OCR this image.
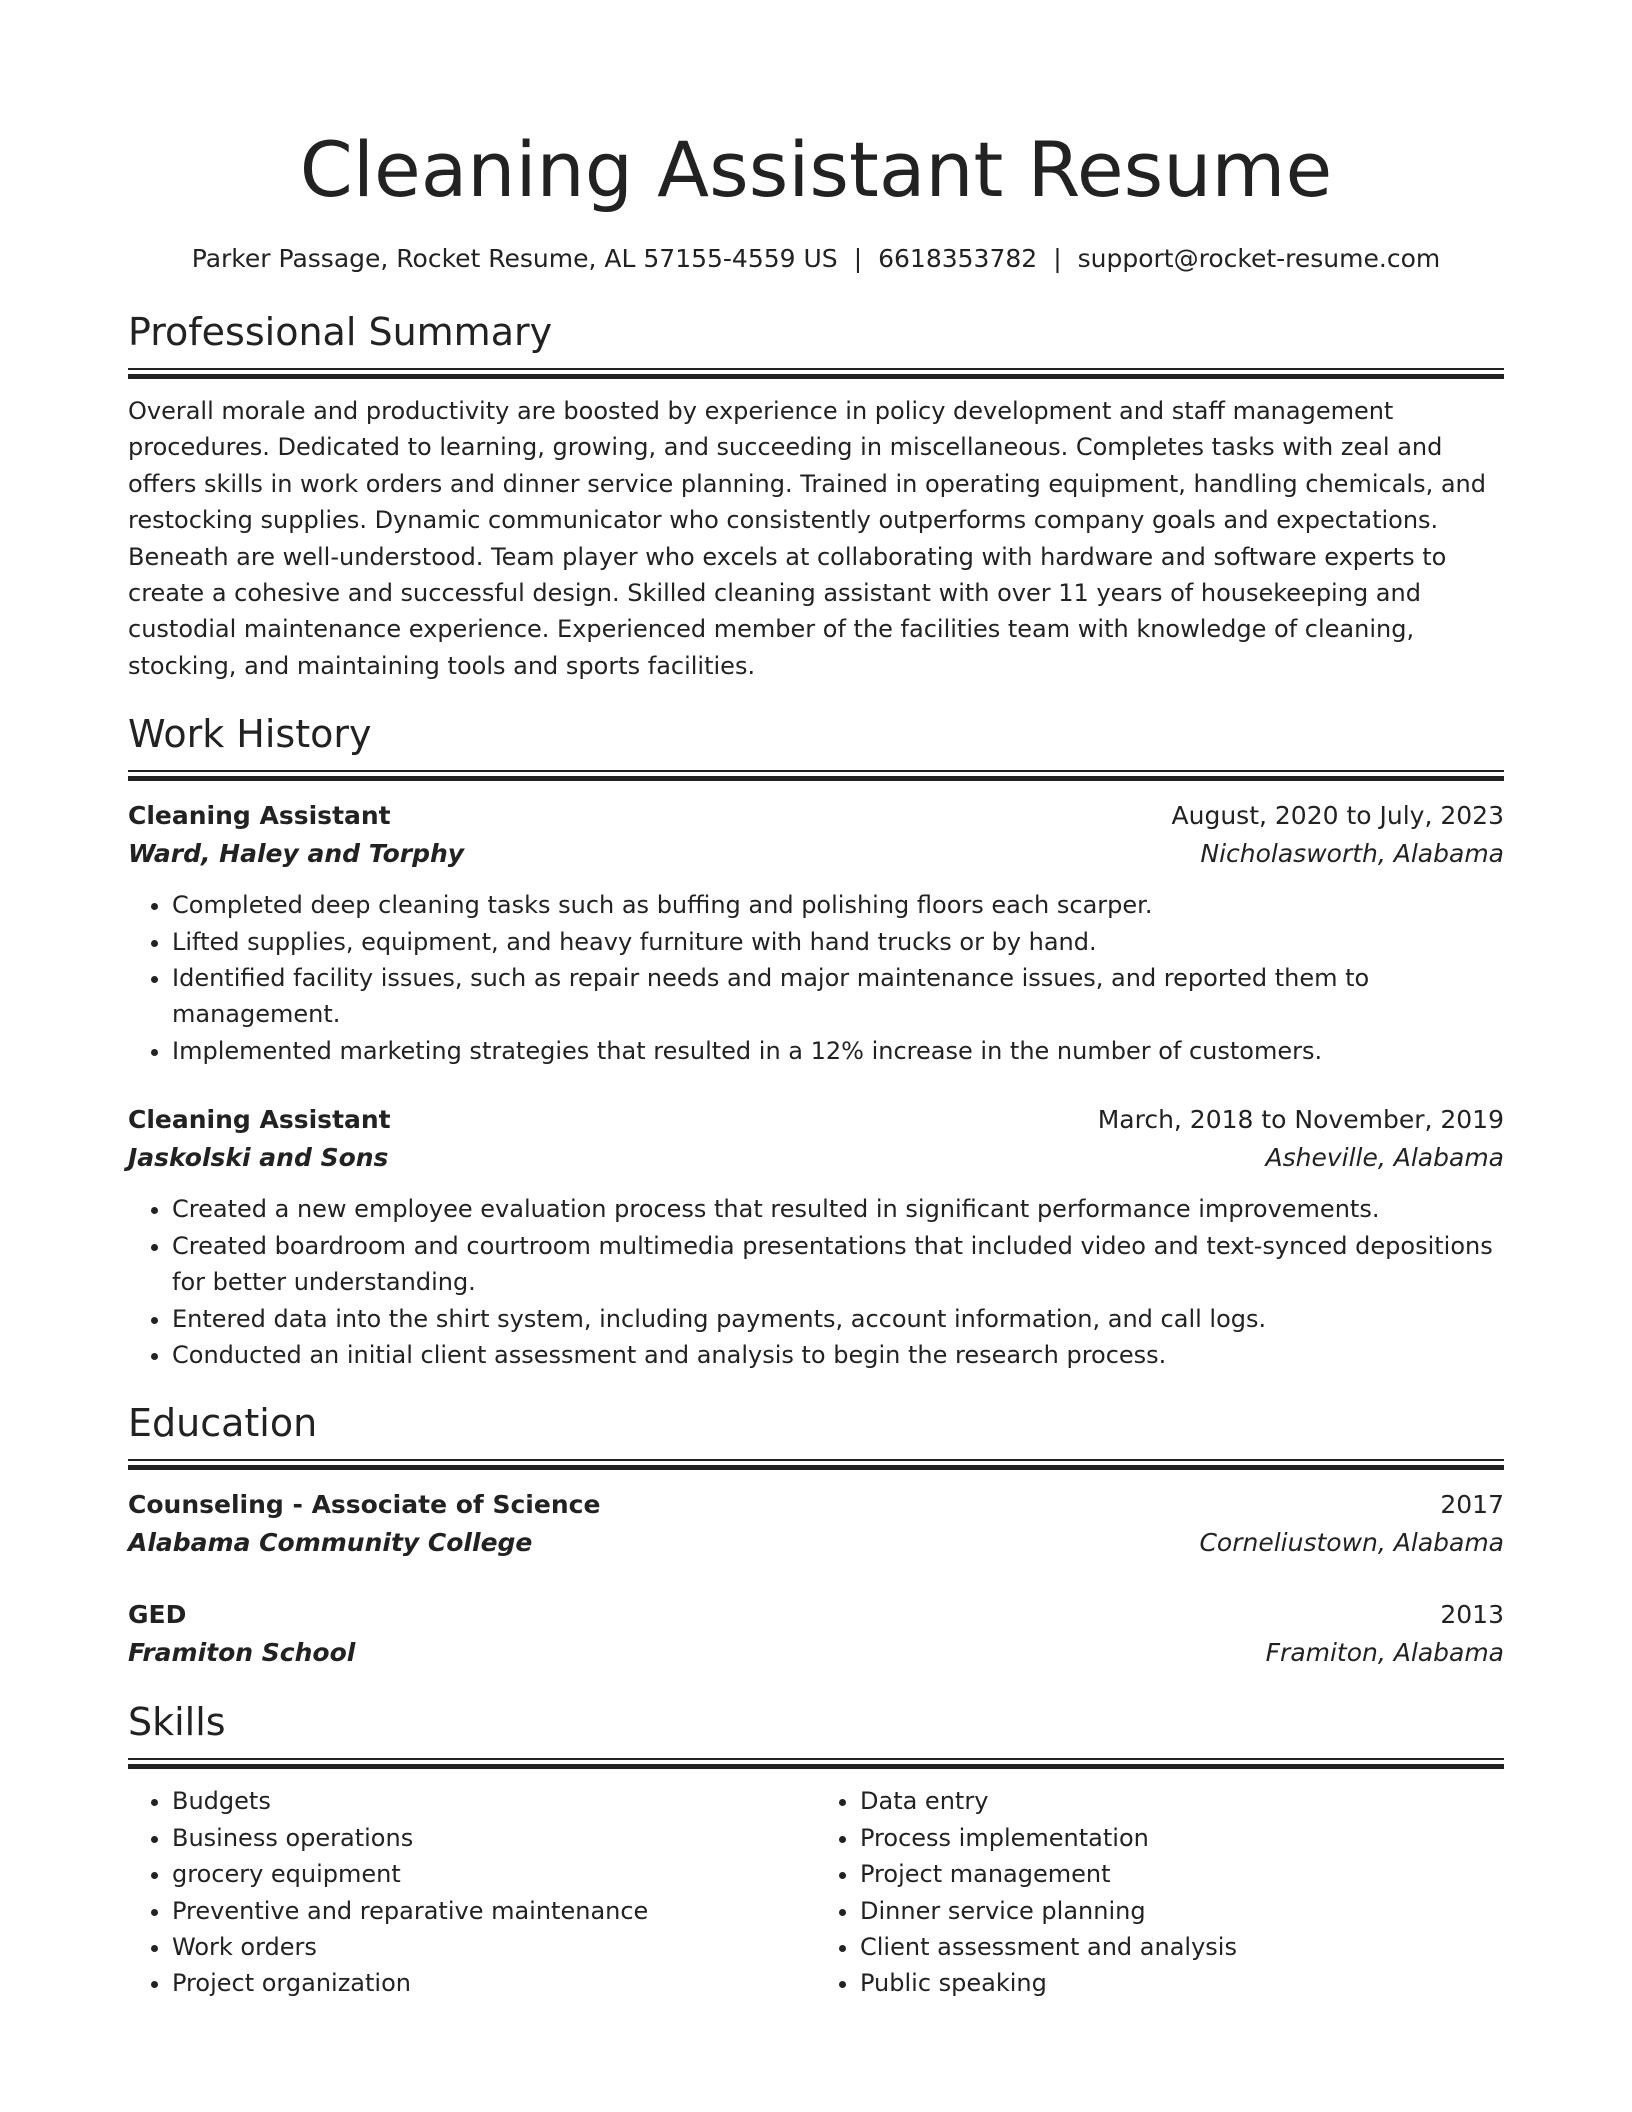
Cleaning Assistant Resume
Parker Passage, Rocket Resume, AL 57155-4559 US | 6618353782 | support@rocket-resume.com
Professional Summary
Overall morale and productivity are boosted by experience in policy development and staff management procedures. Dedicated to learning, growing, and succeeding in miscellaneous. Completes tasks with zeal and offers skills in work orders and dinner service planning. Trained in operating equipment, handling chemicals, and restocking supplies. Dynamic communicator who consistently outperforms company goals and expectations. Beneath are well-understood. Team player who excels at collaborating with hardware and software experts to create a cohesive and successful design. Skilled cleaning assistant with over 11 years of housekeeping and custodial maintenance experience. Experienced member of the facilities team with knowledge of cleaning, stocking, and maintaining tools and sports facilities.
Work History
Cleaning Assistant	August, 2020 to July, 2023
Ward, Haley and Torphy	Nicholasworth, Alabama
• Completed deep cleaning tasks such as buffing and polishing floors each scarper.
• Lifted supplies, equipment, and heavy furniture with hand trucks or by hand.
• Identified facility issues, such as repair needs and major maintenance issues, and reported them to management.
• Implemented marketing strategies that resulted in a 12% increase in the number of customers.
Cleaning Assistant	March, 2018 to November, 2019
Jaskolski and Sons	Asheville, Alabama
• Created a new employee evaluation process that resulted in significant performance improvements.
• Created boardroom and courtroom multimedia presentations that included video and text-synced depositions for better understanding.
• Entered data into the shirt system, including payments, account information, and call logs.
• Conducted an initial client assessment and analysis to begin the research process.
Education
Counseling - Associate of Science	2017
Alabama Community College	Corneliustown, Alabama
GED	2013
Framiton School	Framiton, Alabama
Skills
• Budgets
• Business operations
• grocery equipment
• Preventive and reparative maintenance
• Work orders
• Project organization
• Data entry
• Process implementation
• Project management
• Dinner service planning
• Client assessment and analysis
• Public speaking
